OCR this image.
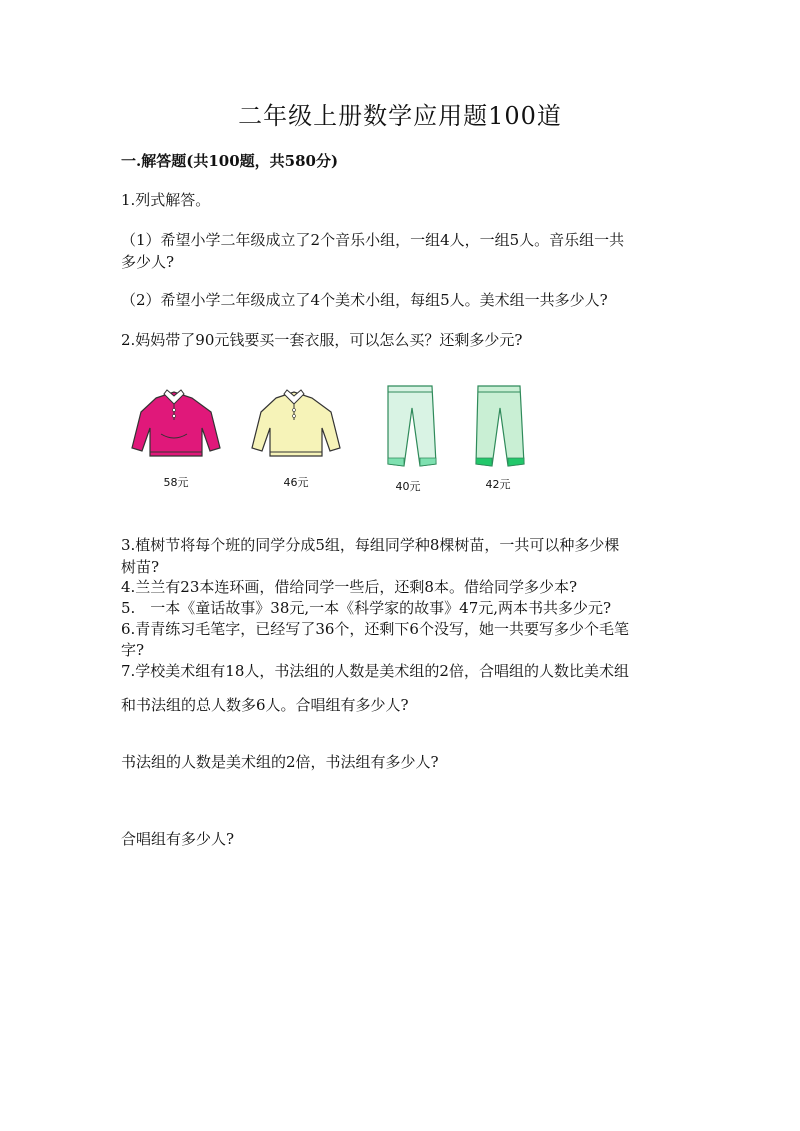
二年级上册数学应用题100道

一.解答题(共100题，共580分)

1.列式解答。

（1）希望小学二年级成立了2个音乐小组，一组4人，一组5人。音乐组一共

多少人?

（2）希望小学二年级成立了4个美术小组，每组5人。美术组一共多少人?

2.妈妈带了90元钱要买一套衣服，可以怎么买？还剩多少元?

58元	46元	40元	42元

3.植树节将每个班的同学分成5组，每组同学种8棵树苗，一共可以种多少棵

树苗?

4.兰兰有23本连环画，借给同学一些后，还剩8本。借给同学多少本?

5.　一本《童话故事》38元,一本《科学家的故事》47元,两本书共多少元?

6.青青练习毛笔字，已经写了36个，还剩下6个没写，她一共要写多少个毛笔

字?

7.学校美术组有18人，书法组的人数是美术组的2倍，合唱组的人数比美术组

和书法组的总人数多6人。合唱组有多少人?

书法组的人数是美术组的2倍，书法组有多少人?

合唱组有多少人?
